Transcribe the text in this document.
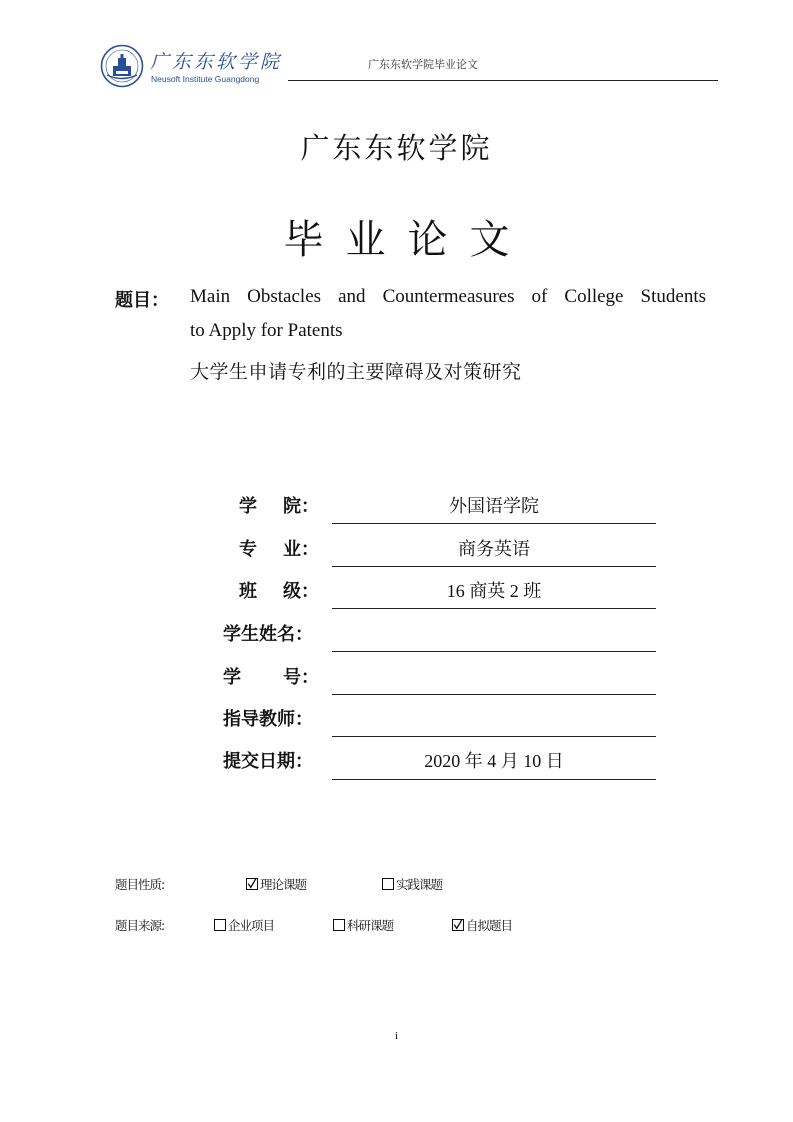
广东东软学院
Neusoft Institute Guangdong
广东东软学院毕业论文
广东东软学院
毕业论文
题目： Main Obstacles and Countermeasures of College Students
to Apply for Patents
大学生申请专利的主要障碍及对策研究
学 院：	外国语学院
专 业：	商务英语
班 级：	16 商英 2 班
学生姓名：
学 号：
指导教师：
提交日期：	2020 年 4 月 10 日
题目性质:	理论课题	实践课题
题目来源:	企业项目	科研课题	自拟题目
i
